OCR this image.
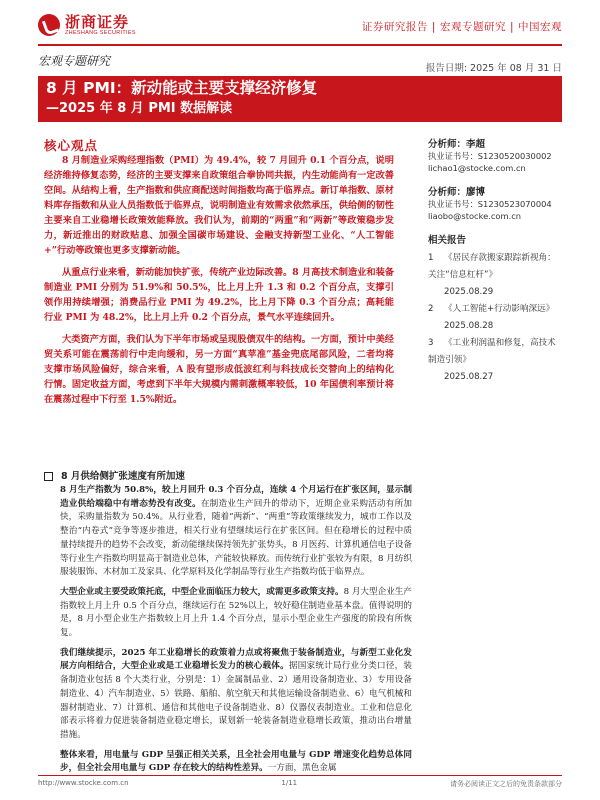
浙商证券
ZHESHANG SECURITIES	证券研究报告 | 宏观专题研究 | 中国宏观
宏观专题研究
报告日期: 2025 年 08 月 31 日
8 月 PMI：新动能或主要支撑经济修复
—2025 年 8 月 PMI 数据解读
核心观点

8 月制造业采购经理指数（PMI）为 49.4%，较 7 月回升 0.1 个百分点，说明经济维持修复态势，经济的主要支撑来自政策组合拳协同共振，内生动能尚有一定改善空间。从结构上看，生产指数和供应商配送时间指数均高于临界点。新订单指数、原材料库存指数和从业人员指数低于临界点，说明制造业有效需求依然承压，供给侧的韧性主要来自工业稳增长政策效能释放。我们认为，前期的“两重”和“两新”等政策稳步发力，新近推出的财政贴息、加强全国碳市场建设、金融支持新型工业化、“人工智能+”行动等政策也更多支撑新动能。

从重点行业来看，新动能加快扩张，传统产业边际改善。8 月高技术制造业和装备制造业 PMI 分别为 51.9%和 50.5%，比上月上升 1.3 和 0.2 个百分点，支撑引领作用持续增强；消费品行业 PMI 为 49.2%，比上月下降 0.3 个百分点；高耗能行业 PMI 为 48.2%，比上月上升 0.2 个百分点，景气水平连续回升。

大类资产方面，我们认为下半年市场或呈现股债双牛的结构。一方面，预计中美经贸关系可能在震荡前行中走向缓和，另一方面“真苹准”基金兜底尾部风险，二者均将支撑市场风险偏好，综合来看，A 股有望形成低波红利与科技成长交替向上的结构化行情。固定收益方面，考虑到下半年大规模内需刺激概率较低，10 年国债利率预计将在震荡过程中下行至 1.5%附近。

8 月供给侧扩张速度有所加速

8 月生产指数为 50.8%，较上月回升 0.3 个百分点，连续 4 个月运行在扩张区间，显示制造业供给端稳中有增态势没有改变。在制造业生产回升的带动下，近期企业采购活动有所加快，采购量指数为 50.4%。从行业看，随着“两新”、“两重”等政策继续发力，城市工作以及整治“内卷式”竞争等逐步推进，相关行业有望继续运行在扩张区间。但在稳增长的过程中质量持续提升的趋势不会改变，新动能继续保持领先扩张势头，8 月医药、计算机通信电子设备等行业生产指数均明显高于制造业总体，产能较快释放。而传统行业扩张较为有限，8 月纺织服装服饰、木材加工及家具、化学原料及化学制品等行业生产指数均低于临界点。

大型企业或主要受政策托底，中型企业面临压力较大，或需更多政策支持。8 月大型企业生产指数较上月上升 0.5 个百分点，继续运行在 52%以上，较好稳住制造业基本盘。值得说明的是，8 月小型企业生产指数较上月上升 1.4 个百分点，显示小型企业生产强度的阶段有所恢复。

我们继续提示，2025 年工业稳增长的政策着力点或将聚焦于装备制造业，与新型工业化发展方向相结合，大型企业或是工业稳增长发力的核心载体。据国家统计局行业分类口径，装备制造业包括 8 个大类行业，分别是：1）金属制品业、2）通用设备制造业、3）专用设备制造业、4）汽车制造业、5）铁路、船舶、航空航天和其他运输设备制造业、6）电气机械和器材制造业、7）计算机、通信和其他电子设备制造业、8）仪器仪表制造业。工业和信息化部表示将着力促进装备制造业稳定增长，谋划新一轮装备制造业稳增长政策，推动出台增量措施。

整体来看，用电量与 GDP 呈强正相关关系，且全社会用电量与 GDP 增速变化趋势总体同步，但全社会用电量与 GDP 存在较大的结构性差异。一方面，黑色金属

分析师：李超
执业证书号：S1230520030002
lichao1@stocke.com.cn
分析师：廖博
执业证书号：S1230523070004
liaobo@stocke.com.cn
相关报告
1 《居民存款搬家跟踪新视角：关注“信息杠杆”》
2025.08.29
2 《人工智能+行动影响深远》
2025.08.28
3 《工业利润温和修复，高技术制造引领》
2025.08.27
http://www.stocke.com.cn	1/11	请务必阅读正文之后的免责条款部分
